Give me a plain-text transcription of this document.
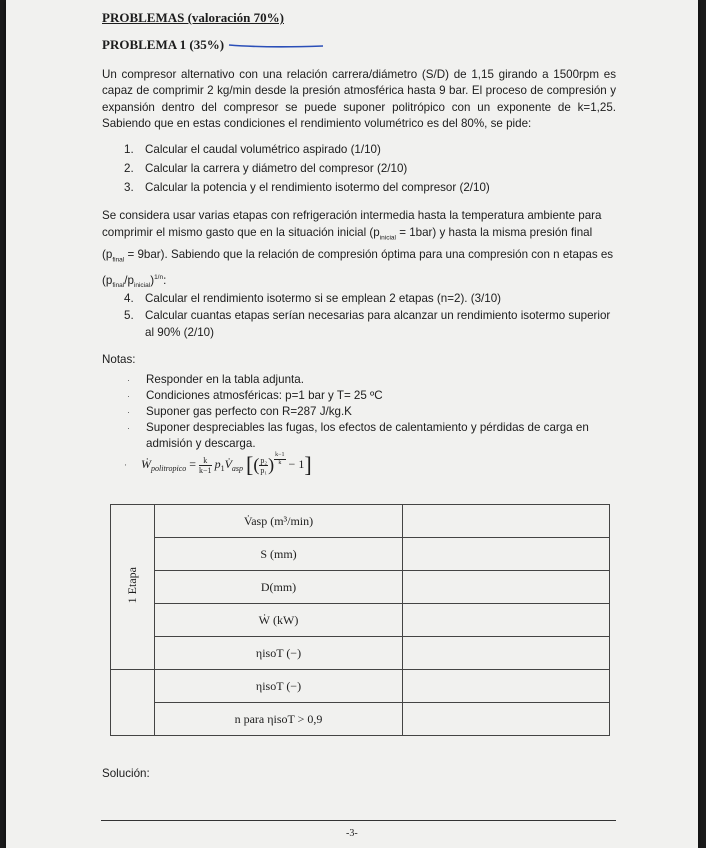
PROBLEMAS (valoración 70%)
PROBLEMA 1 (35%)
Un compresor alternativo con una relación carrera/diámetro (S/D) de 1,15 girando a 1500rpm es capaz de comprimir 2 kg/min desde la presión atmosférica hasta 9 bar. El proceso de compresión y expansión dentro del compresor se puede suponer politrópico con un exponente de k=1,25. Sabiendo que en estas condiciones el rendimiento volumétrico es del 80%, se pide:
1. Calcular el caudal volumétrico aspirado (1/10)
2. Calcular la carrera y diámetro del compresor (2/10)
3. Calcular la potencia y el rendimiento isotermo del compresor (2/10)
Se considera usar varias etapas con refrigeración intermedia hasta la temperatura ambiente para comprimir el mismo gasto que en la situación inicial $(p_{inicial} = 1bar)$ y hasta la misma presión final $(p_{final} = 9bar)$. Sabiendo que la relación de compresión óptima para una compresión con n etapas es $(p_{final}/p_{inicial})^{1/n}$:
4. Calcular el rendimiento isotermo si se emplean 2 etapas (n=2). (3/10)
5. Calcular cuantas etapas serían necesarias para alcanzar un rendimiento isotermo superior al 90% (2/10)
Notas:
· Responder en la tabla adjunta.
· Condiciones atmosféricas: p=1 bar y T= 25 ºC
· Suponer gas perfecto con R=287 J/kg.K
· Suponer despreciables las fugas, los efectos de calentamiento y pérdidas de carga en admisión y descarga.
· Ẇ$_{politropico}$ = $\frac{k}{k-1}$ $p_1V̇_{asp}$ [( $\frac{\text{p₂}}{\text{p₁}}$ ) $^{\frac{k-1}{k}}$ − 1]
1 Etapa	V̇asp (m³/min)	
	S (mm)	
	D(mm)	
	Ẇ (kW)	
	ηisoT (−)	
	ηisoT (−)	
	n para ηisoT > 0,9	
Solución:
-3-
